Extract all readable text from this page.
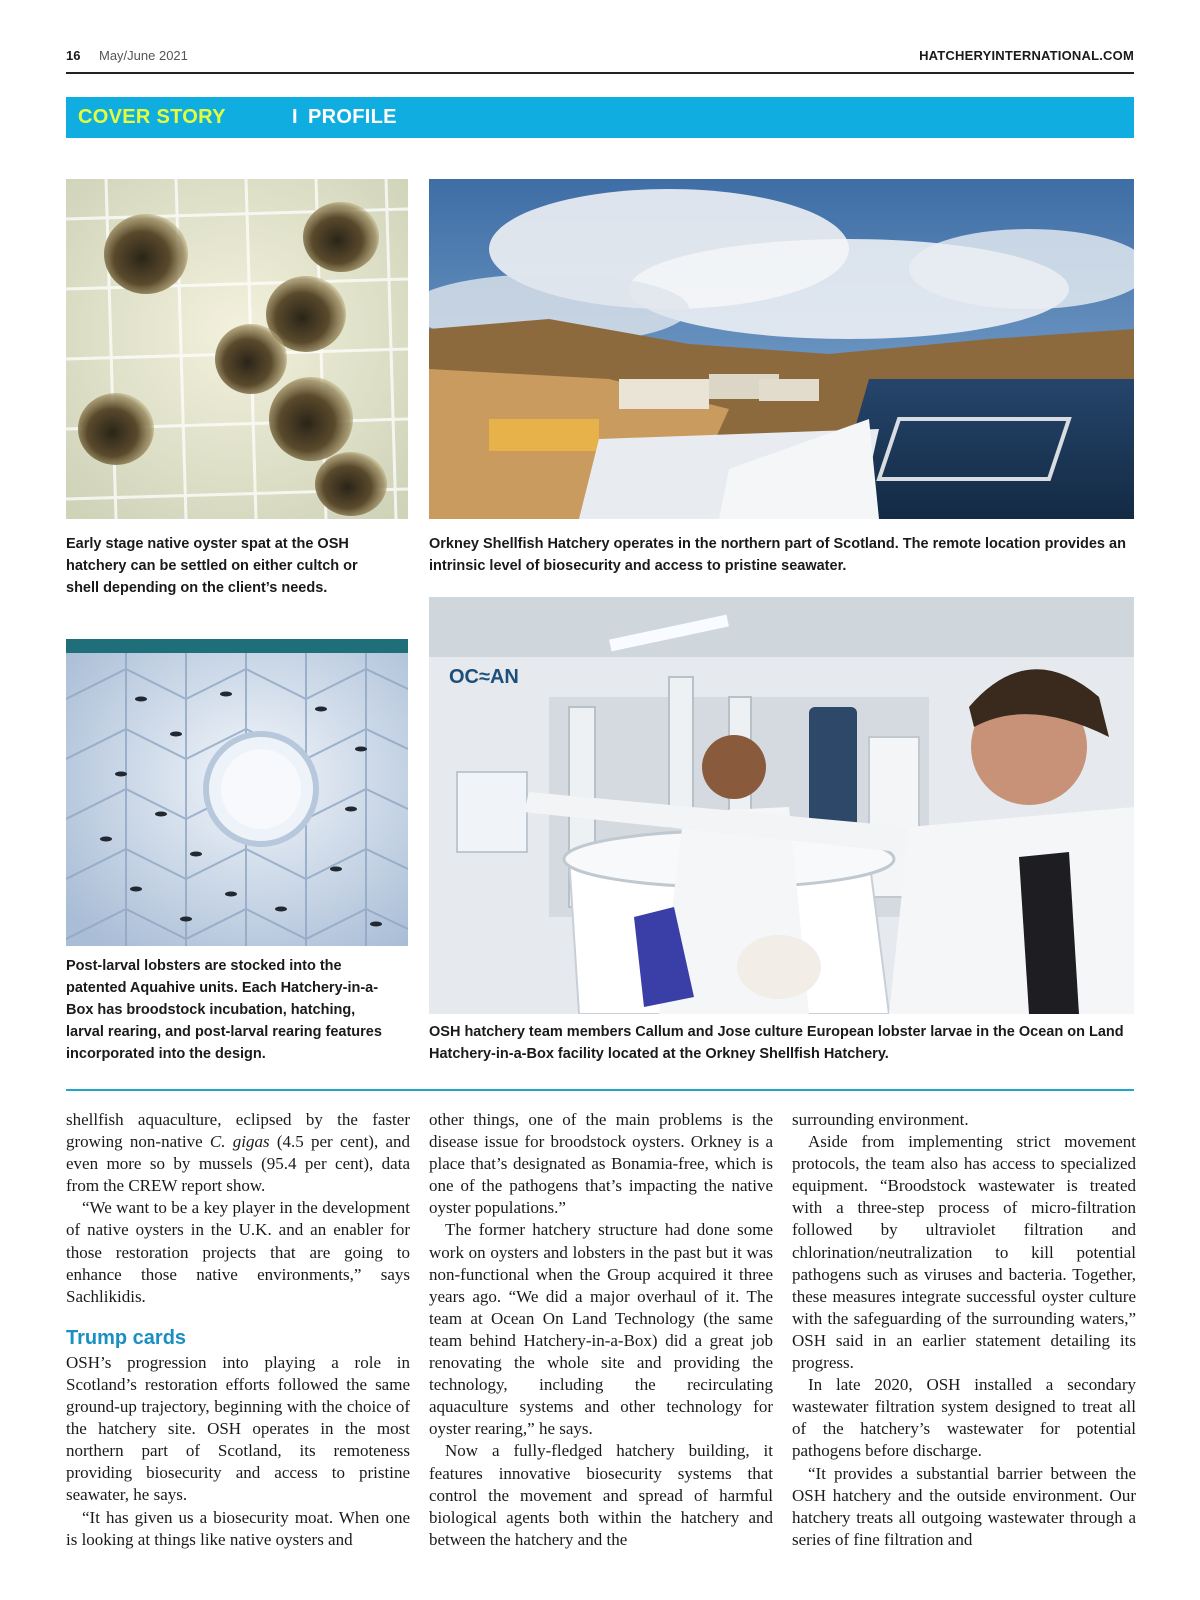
16 May/June 2021	HATCHERYINTERNATIONAL.COM
COVER STORY	I PROFILE
OC≈AN

Early stage native oyster spat at the OSH hatchery can be settled on either cultch or shell depending on the client’s needs.

Orkney Shellfish Hatchery operates in the northern part of Scotland. The remote location provides an intrinsic level of biosecurity and access to pristine seawater.

Post-larval lobsters are stocked into the patented Aquahive units. Each Hatchery-in-a-Box has broodstock incubation, hatching, larval rearing, and post-larval rearing features incorporated into the design.

OSH hatchery team members Callum and Jose culture European lobster larvae in the Ocean on Land Hatchery-in-a-Box facility located at the Orkney Shellfish Hatchery.

shellfish aquaculture, eclipsed by the faster growing non-native C. gigas (4.5 per cent), and even more so by mussels (95.4 per cent), data from the CREW report show.

“We want to be a key player in the development of native oysters in the U.K. and an enabler for those restoration projects that are going to enhance those native environments,” says Sachlikidis.

Trump cards

OSH’s progression into playing a role in Scotland’s restoration efforts followed the same ground-up trajectory, beginning with the choice of the hatchery site. OSH operates in the most northern part of Scotland, its remoteness providing biosecurity and access to pristine seawater, he says.

“It has given us a biosecurity moat. When one is looking at things like native oysters and

other things, one of the main problems is the disease issue for broodstock oysters. Orkney is a place that’s designated as Bonamia-free, which is one of the pathogens that’s impacting the native oyster populations.”

The former hatchery structure had done some work on oysters and lobsters in the past but it was non-functional when the Group acquired it three years ago. “We did a major overhaul of it. The team at Ocean On Land Technology (the same team behind Hatchery-in-a-Box) did a great job renovating the whole site and providing the technology, including the recirculating aquaculture systems and other technology for oyster rearing,” he says.

Now a fully-fledged hatchery building, it features innovative biosecurity systems that control the movement and spread of harmful biological agents both within the hatchery and between the hatchery and the

surrounding environment.

Aside from implementing strict movement protocols, the team also has access to specialized equipment. “Broodstock wastewater is treated with a three-step process of micro-filtration followed by ultraviolet filtration and chlorination/neutralization to kill potential pathogens such as viruses and bacteria. Together, these measures integrate successful oyster culture with the safeguarding of the surrounding waters,” OSH said in an earlier statement detailing its progress.

In late 2020, OSH installed a secondary wastewater filtration system designed to treat all of the hatchery’s wastewater for potential pathogens before discharge.

“It provides a substantial barrier between the OSH hatchery and the outside environment. Our hatchery treats all outgoing wastewater through a series of fine filtration and
